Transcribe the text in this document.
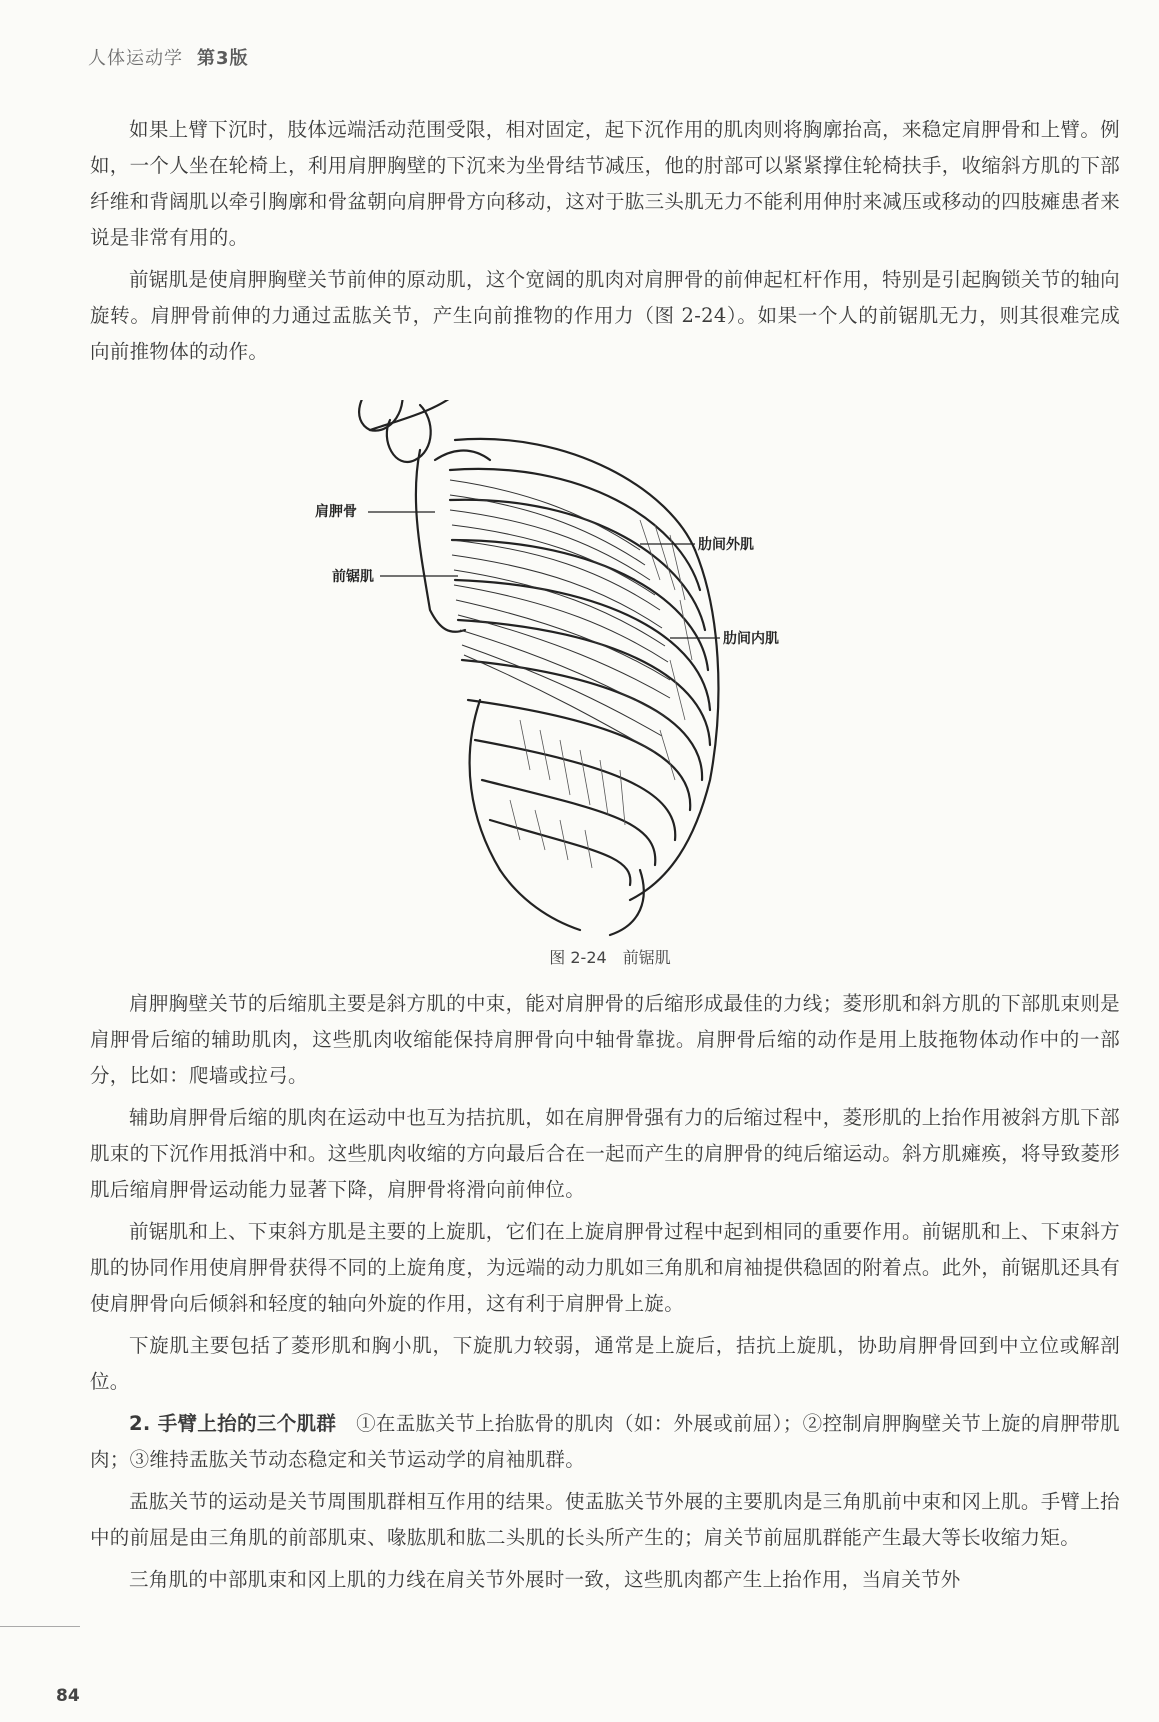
人体运动学 第3版

如果上臂下沉时，肢体远端活动范围受限，相对固定，起下沉作用的肌肉则将胸廓抬高，来稳定肩胛骨和上臂。例如，一个人坐在轮椅上，利用肩胛胸壁的下沉来为坐骨结节减压，他的肘部可以紧紧撑住轮椅扶手，收缩斜方肌的下部纤维和背阔肌以牵引胸廓和骨盆朝向肩胛骨方向移动，这对于肱三头肌无力不能利用伸肘来减压或移动的四肢瘫患者来说是非常有用的。

前锯肌是使肩胛胸壁关节前伸的原动肌，这个宽阔的肌肉对肩胛骨的前伸起杠杆作用，特别是引起胸锁关节的轴向旋转。肩胛骨前伸的力通过盂肱关节，产生向前推物的作用力（图 2-24）。如果一个人的前锯肌无力，则其很难完成向前推物体的动作。

肩胛骨
前锯肌
肋间外肌
肋间内肌
图 2-24 前锯肌

肩胛胸壁关节的后缩肌主要是斜方肌的中束，能对肩胛骨的后缩形成最佳的力线；菱形肌和斜方肌的下部肌束则是肩胛骨后缩的辅助肌肉，这些肌肉收缩能保持肩胛骨向中轴骨靠拢。肩胛骨后缩的动作是用上肢拖物体动作中的一部分，比如：爬墙或拉弓。

辅助肩胛骨后缩的肌肉在运动中也互为拮抗肌，如在肩胛骨强有力的后缩过程中，菱形肌的上抬作用被斜方肌下部肌束的下沉作用抵消中和。这些肌肉收缩的方向最后合在一起而产生的肩胛骨的纯后缩运动。斜方肌瘫痪，将导致菱形肌后缩肩胛骨运动能力显著下降，肩胛骨将滑向前伸位。

前锯肌和上、下束斜方肌是主要的上旋肌，它们在上旋肩胛骨过程中起到相同的重要作用。前锯肌和上、下束斜方肌的协同作用使肩胛骨获得不同的上旋角度，为远端的动力肌如三角肌和肩袖提供稳固的附着点。此外，前锯肌还具有使肩胛骨向后倾斜和轻度的轴向外旋的作用，这有利于肩胛骨上旋。

下旋肌主要包括了菱形肌和胸小肌，下旋肌力较弱，通常是上旋后，拮抗上旋肌，协助肩胛骨回到中立位或解剖位。

2. 手臂上抬的三个肌群　 ①在盂肱关节上抬肱骨的肌肉（如：外展或前屈）；②控制肩胛胸壁关节上旋的肩胛带肌肉；③维持盂肱关节动态稳定和关节运动学的肩袖肌群。

盂肱关节的运动是关节周围肌群相互作用的结果。使盂肱关节外展的主要肌肉是三角肌前中束和冈上肌。手臂上抬中的前屈是由三角肌的前部肌束、喙肱肌和肱二头肌的长头所产生的；肩关节前屈肌群能产生最大等长收缩力矩。

三角肌的中部肌束和冈上肌的力线在肩关节外展时一致，这些肌肉都产生上抬作用，当肩关节外

84
